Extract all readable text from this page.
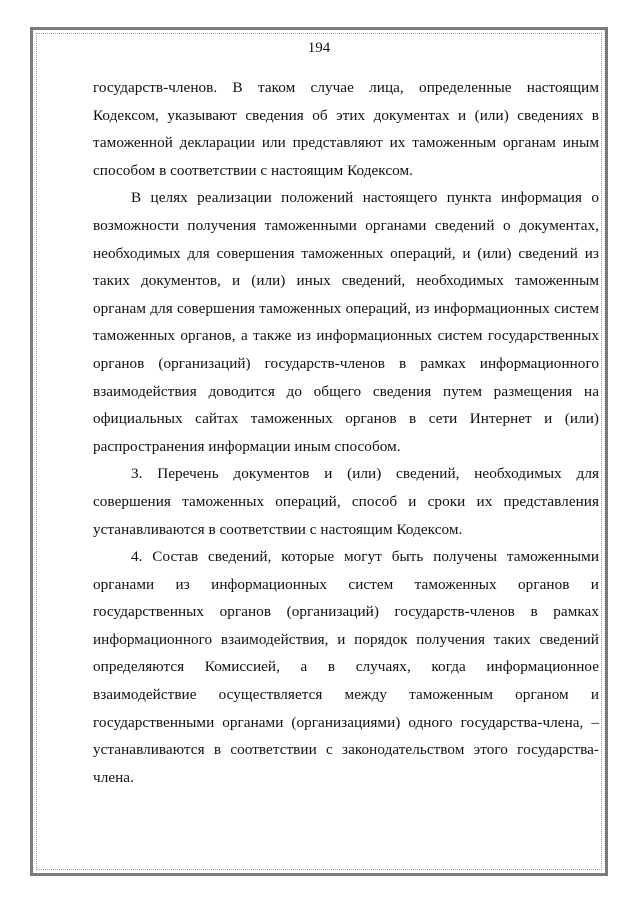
194

государств-членов. В таком случае лица, определенные настоящим Кодексом, указывают сведения об этих документах и (или) сведениях в таможенной декларации или представляют их таможенным органам иным способом в соответствии с настоящим Кодексом.

В целях реализации положений настоящего пункта информация о возможности получения таможенными органами сведений о документах, необходимых для совершения таможенных операций, и (или) сведений из таких документов, и (или) иных сведений, необходимых таможенным органам для совершения таможенных операций, из информационных систем таможенных органов, а также из информационных систем государственных органов (организаций) государств-членов в рамках информационного взаимодействия доводится до общего сведения путем размещения на официальных сайтах таможенных органов в сети Интернет и (или) распространения информации иным способом.

3. Перечень документов и (или) сведений, необходимых для совершения таможенных операций, способ и сроки их представления устанавливаются в соответствии с настоящим Кодексом.

4. Состав сведений, которые могут быть получены таможенными органами из информационных систем таможенных органов и государственных органов (организаций) государств-членов в рамках информационного взаимодействия, и порядок получения таких сведений определяются Комиссией, а в случаях, когда информационное взаимодействие осуществляется между таможенным органом и государственными органами (организациями) одного государства-члена, – устанавливаются в соответствии с законодательством этого государства-члена.
